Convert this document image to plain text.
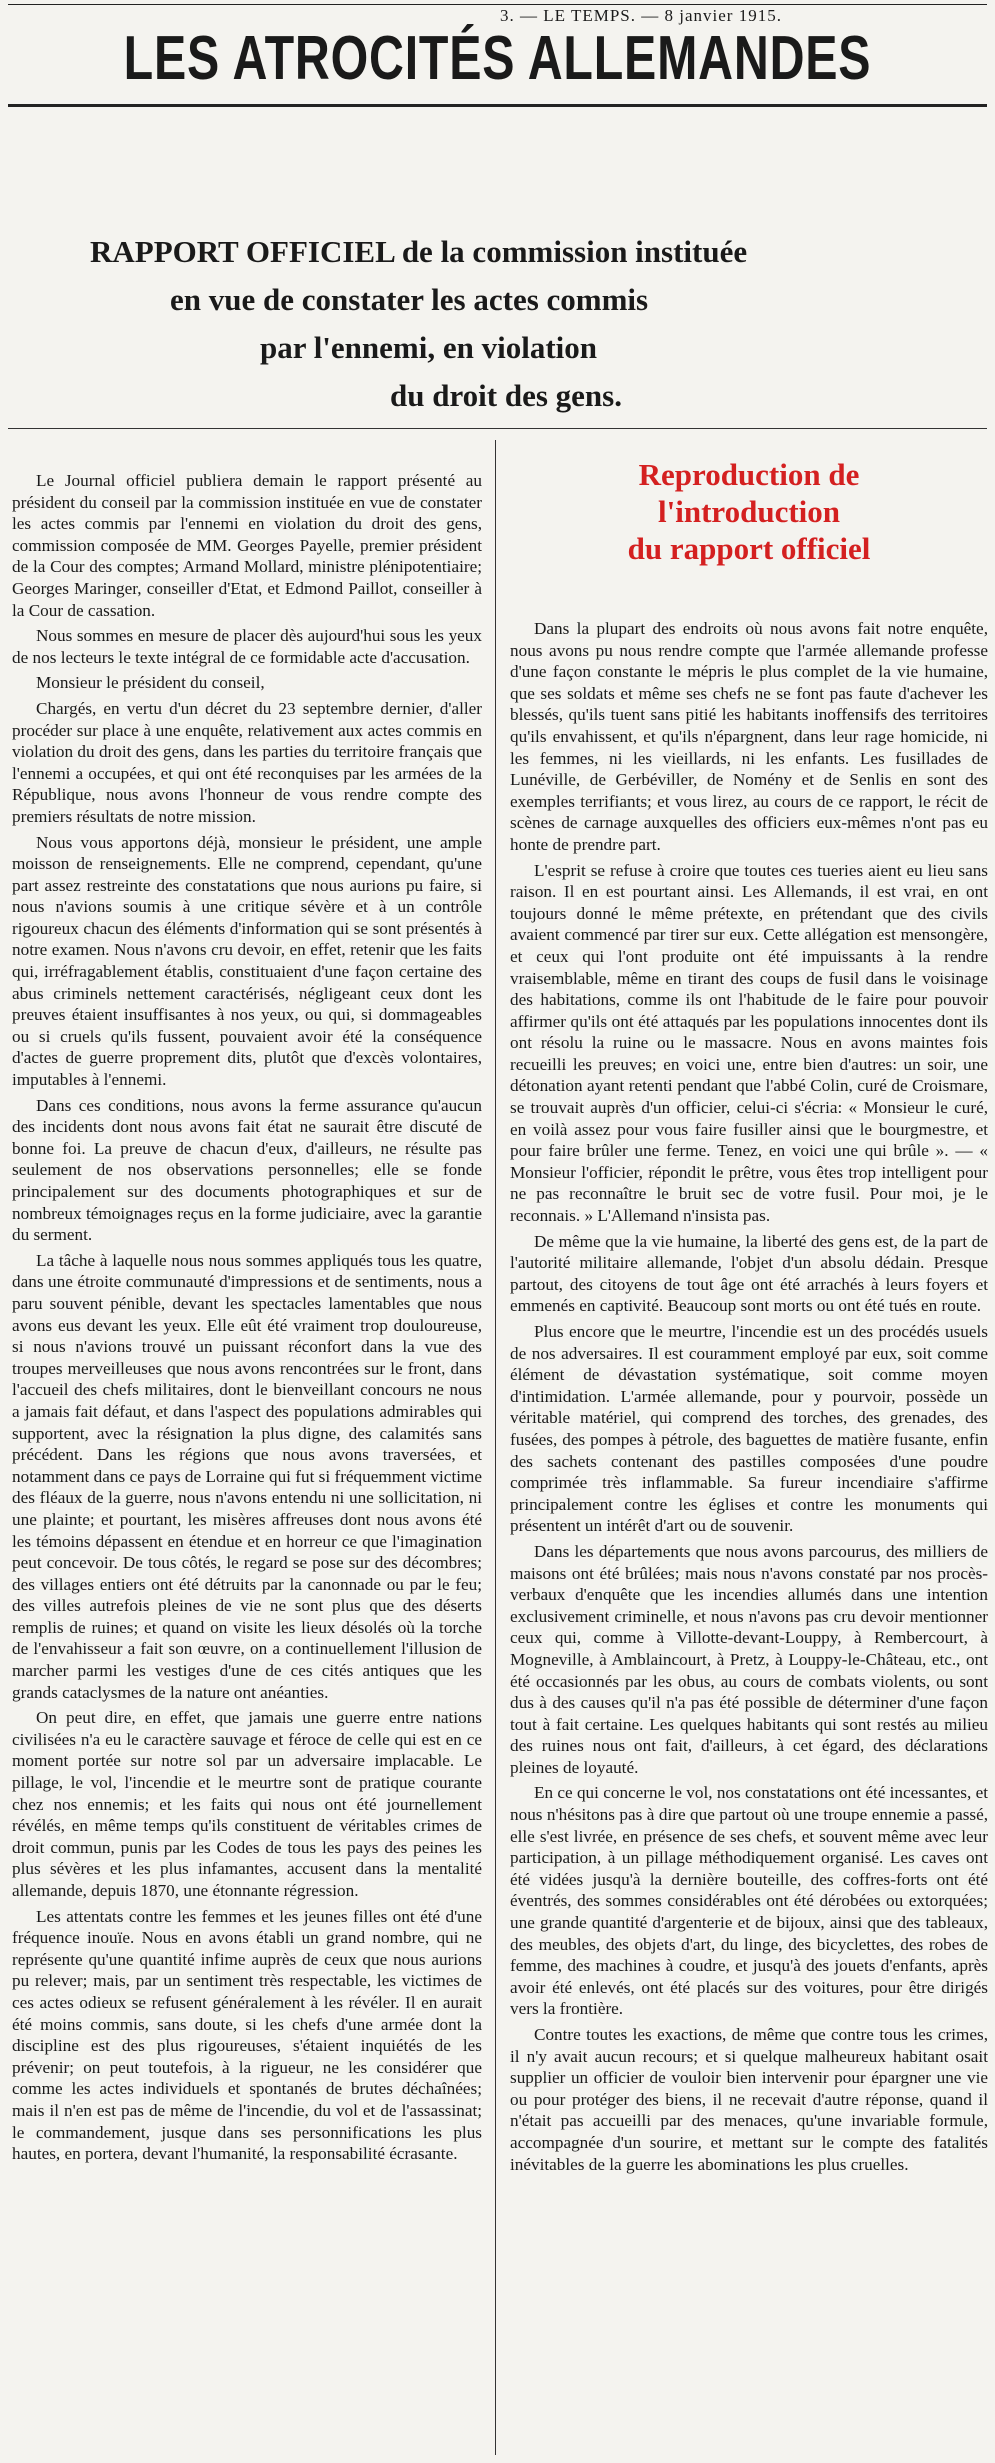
3. — LE TEMPS. — 8 janvier 1915.
LES ATROCITÉS ALLEMANDES
RAPPORT OFFICIEL de la commission instituée
en vue de constater les actes commis
par l'ennemi, en violation
du droit des gens.

Le Journal officiel publiera demain le rapport présenté au président du conseil par la commission instituée en vue de constater les actes commis par l'ennemi en violation du droit des gens, commission composée de MM. Georges Payelle, premier président de la Cour des comptes; Armand Mollard, ministre plénipotentiaire; Georges Maringer, conseiller d'Etat, et Edmond Paillot, conseiller à la Cour de cassation.

Nous sommes en mesure de placer dès aujourd'hui sous les yeux de nos lecteurs le texte intégral de ce formidable acte d'accusation.

Monsieur le président du conseil,

Chargés, en vertu d'un décret du 23 septembre dernier, d'aller procéder sur place à une enquête, relativement aux actes commis en violation du droit des gens, dans les parties du territoire français que l'ennemi a occupées, et qui ont été reconquises par les armées de la République, nous avons l'honneur de vous rendre compte des premiers résultats de notre mission.

Nous vous apportons déjà, monsieur le président, une ample moisson de renseignements. Elle ne comprend, cependant, qu'une part assez restreinte des constatations que nous aurions pu faire, si nous n'avions soumis à une critique sévère et à un contrôle rigoureux chacun des éléments d'information qui se sont présentés à notre examen. Nous n'avons cru devoir, en effet, retenir que les faits qui, irréfragablement établis, constituaient d'une façon certaine des abus criminels nettement caractérisés, négligeant ceux dont les preuves étaient insuffisantes à nos yeux, ou qui, si dommageables ou si cruels qu'ils fussent, pouvaient avoir été la conséquence d'actes de guerre proprement dits, plutôt que d'excès volontaires, imputables à l'ennemi.

Dans ces conditions, nous avons la ferme assurance qu'aucun des incidents dont nous avons fait état ne saurait être discuté de bonne foi. La preuve de chacun d'eux, d'ailleurs, ne résulte pas seulement de nos observations personnelles; elle se fonde principalement sur des documents photographiques et sur de nombreux témoignages reçus en la forme judiciaire, avec la garantie du serment.

La tâche à laquelle nous nous sommes appliqués tous les quatre, dans une étroite communauté d'impressions et de sentiments, nous a paru souvent pénible, devant les spectacles lamentables que nous avons eus devant les yeux. Elle eût été vraiment trop douloureuse, si nous n'avions trouvé un puissant réconfort dans la vue des troupes merveilleuses que nous avons rencontrées sur le front, dans l'accueil des chefs militaires, dont le bienveillant concours ne nous a jamais fait défaut, et dans l'aspect des populations admirables qui supportent, avec la résignation la plus digne, des calamités sans précédent. Dans les régions que nous avons traversées, et notamment dans ce pays de Lorraine qui fut si fréquemment victime des fléaux de la guerre, nous n'avons entendu ni une sollicitation, ni une plainte; et pourtant, les misères affreuses dont nous avons été les témoins dépassent en étendue et en horreur ce que l'imagination peut concevoir. De tous côtés, le regard se pose sur des décombres; des villages entiers ont été détruits par la canonnade ou par le feu; des villes autrefois pleines de vie ne sont plus que des déserts remplis de ruines; et quand on visite les lieux désolés où la torche de l'envahisseur a fait son œuvre, on a continuellement l'illusion de marcher parmi les vestiges d'une de ces cités antiques que les grands cataclysmes de la nature ont anéanties.

On peut dire, en effet, que jamais une guerre entre nations civilisées n'a eu le caractère sauvage et féroce de celle qui est en ce moment portée sur notre sol par un adversaire implacable. Le pillage, le vol, l'incendie et le meurtre sont de pratique courante chez nos ennemis; et les faits qui nous ont été journellement révélés, en même temps qu'ils constituent de véritables crimes de droit commun, punis par les Codes de tous les pays des peines les plus sévères et les plus infamantes, accusent dans la mentalité allemande, depuis 1870, une étonnante régression.

Les attentats contre les femmes et les jeunes filles ont été d'une fréquence inouïe. Nous en avons établi un grand nombre, qui ne représente qu'une quantité infime auprès de ceux que nous aurions pu relever; mais, par un sentiment très respectable, les victimes de ces actes odieux se refusent généralement à les révéler. Il en aurait été moins commis, sans doute, si les chefs d'une armée dont la discipline est des plus rigoureuses, s'étaient inquiétés de les prévenir; on peut toutefois, à la rigueur, ne les considérer que comme les actes individuels et spontanés de brutes déchaînées; mais il n'en est pas de même de l'incendie, du vol et de l'assassinat; le commandement, jusque dans ses personnifications les plus hautes, en portera, devant l'humanité, la responsabilité écrasante.

Reproduction de
l'introduction
du rapport officiel

Dans la plupart des endroits où nous avons fait notre enquête, nous avons pu nous rendre compte que l'armée allemande professe d'une façon constante le mépris le plus complet de la vie humaine, que ses soldats et même ses chefs ne se font pas faute d'achever les blessés, qu'ils tuent sans pitié les habitants inoffensifs des territoires qu'ils envahissent, et qu'ils n'épargnent, dans leur rage homicide, ni les femmes, ni les vieillards, ni les enfants. Les fusillades de Lunéville, de Gerbéviller, de Nomény et de Senlis en sont des exemples terrifiants; et vous lirez, au cours de ce rapport, le récit de scènes de carnage auxquelles des officiers eux-mêmes n'ont pas eu honte de prendre part.

L'esprit se refuse à croire que toutes ces tueries aient eu lieu sans raison. Il en est pourtant ainsi. Les Allemands, il est vrai, en ont toujours donné le même prétexte, en prétendant que des civils avaient commencé par tirer sur eux. Cette allégation est mensongère, et ceux qui l'ont produite ont été impuissants à la rendre vraisemblable, même en tirant des coups de fusil dans le voisinage des habitations, comme ils ont l'habitude de le faire pour pouvoir affirmer qu'ils ont été attaqués par les populations innocentes dont ils ont résolu la ruine ou le massacre. Nous en avons maintes fois recueilli les preuves; en voici une, entre bien d'autres: un soir, une détonation ayant retenti pendant que l'abbé Colin, curé de Croismare, se trouvait auprès d'un officier, celui-ci s'écria: « Monsieur le curé, en voilà assez pour vous faire fusiller ainsi que le bourgmestre, et pour faire brûler une ferme. Tenez, en voici une qui brûle ». — « Monsieur l'officier, répondit le prêtre, vous êtes trop intelligent pour ne pas reconnaître le bruit sec de votre fusil. Pour moi, je le reconnais. » L'Allemand n'insista pas.

De même que la vie humaine, la liberté des gens est, de la part de l'autorité militaire allemande, l'objet d'un absolu dédain. Presque partout, des citoyens de tout âge ont été arrachés à leurs foyers et emmenés en captivité. Beaucoup sont morts ou ont été tués en route.

Plus encore que le meurtre, l'incendie est un des procédés usuels de nos adversaires. Il est couramment employé par eux, soit comme élément de dévastation systématique, soit comme moyen d'intimidation. L'armée allemande, pour y pourvoir, possède un véritable matériel, qui comprend des torches, des grenades, des fusées, des pompes à pétrole, des baguettes de matière fusante, enfin des sachets contenant des pastilles composées d'une poudre comprimée très inflammable. Sa fureur incendiaire s'affirme principalement contre les églises et contre les monuments qui présentent un intérêt d'art ou de souvenir.

Dans les départements que nous avons parcourus, des milliers de maisons ont été brûlées; mais nous n'avons constaté par nos procès-verbaux d'enquête que les incendies allumés dans une intention exclusivement criminelle, et nous n'avons pas cru devoir mentionner ceux qui, comme à Villotte-devant-Louppy, à Rembercourt, à Mogneville, à Amblaincourt, à Pretz, à Louppy-le-Château, etc., ont été occasionnés par les obus, au cours de combats violents, ou sont dus à des causes qu'il n'a pas été possible de déterminer d'une façon tout à fait certaine. Les quelques habitants qui sont restés au milieu des ruines nous ont fait, d'ailleurs, à cet égard, des déclarations pleines de loyauté.

En ce qui concerne le vol, nos constatations ont été incessantes, et nous n'hésitons pas à dire que partout où une troupe ennemie a passé, elle s'est livrée, en présence de ses chefs, et souvent même avec leur participation, à un pillage méthodiquement organisé. Les caves ont été vidées jusqu'à la dernière bouteille, des coffres-forts ont été éventrés, des sommes considérables ont été dérobées ou extorquées; une grande quantité d'argenterie et de bijoux, ainsi que des tableaux, des meubles, des objets d'art, du linge, des bicyclettes, des robes de femme, des machines à coudre, et jusqu'à des jouets d'enfants, après avoir été enlevés, ont été placés sur des voitures, pour être dirigés vers la frontière.

Contre toutes les exactions, de même que contre tous les crimes, il n'y avait aucun recours; et si quelque malheureux habitant osait supplier un officier de vouloir bien intervenir pour épargner une vie ou pour protéger des biens, il ne recevait d'autre réponse, quand il n'était pas accueilli par des menaces, qu'une invariable formule, accompagnée d'un sourire, et mettant sur le compte des fatalités inévitables de la guerre les abominations les plus cruelles.
